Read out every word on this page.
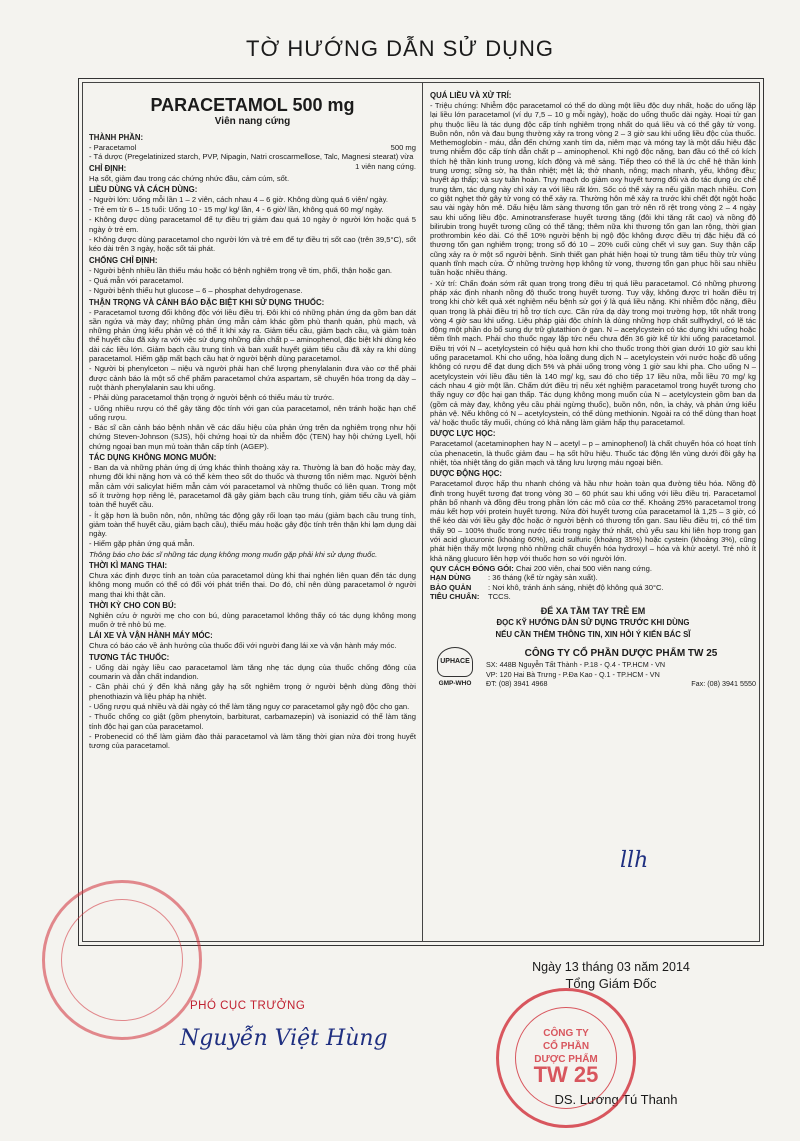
TỜ HƯỚNG DẪN SỬ DỤNG
PARACETAMOL 500 mg
Viên nang cứng
THÀNH PHẦN:
- Paracetamol	500 mg

- Tá dược (Pregelatinized starch, PVP, Nipagin, Natri croscarmellose, Talc, Magnesi stearat) vừa
1 viên nang cứng.

CHỈ ĐỊNH:

Hạ sốt, giảm đau trong các chứng nhức đầu, cảm cúm, sốt.

LIỀU DÙNG VÀ CÁCH DÙNG:

- Người lớn: Uống mỗi lần 1 – 2 viên, cách nhau 4 – 6 giờ. Không dùng quá 6 viên/ ngày.

- Trẻ em từ 6 – 15 tuổi: Uống 10 - 15 mg/ kg/ lần, 4 - 6 giờ/ lần, không quá 60 mg/ ngày.

- Không được dùng paracetamol để tự điều trị giảm đau quá 10 ngày ở người lớn hoặc quá 5 ngày ở trẻ em.

- Không được dùng paracetamol cho người lớn và trẻ em để tự điều trị sốt cao (trên 39,5°C), sốt kéo dài trên 3 ngày, hoặc sốt tái phát.

CHỐNG CHỈ ĐỊNH:

- Người bệnh nhiều lần thiếu máu hoặc có bệnh nghiêm trọng về tim, phổi, thận hoặc gan.

- Quá mẫn với paracetamol.

- Người bệnh thiếu hụt glucose – 6 – phosphat dehydrogenase.

THẬN TRỌNG VÀ CẢNH BÁO ĐẶC BIỆT KHI SỬ DỤNG THUỐC:

- Paracetamol tương đối không độc với liều điều trị. Đôi khi có những phản ứng da gồm ban dát sần ngứa và mày đay; những phản ứng mẫn cảm khác gồm phù thanh quản, phù mạch, và những phản ứng kiểu phản vệ có thể ít khi xảy ra. Giảm tiểu cầu, giảm bạch cầu, và giảm toàn thể huyết cầu đã xảy ra với việc sử dụng những dẫn chất p – aminophenol, đặc biệt khi dùng kéo dài các liều lớn. Giảm bạch cầu trung tính và ban xuất huyết giảm tiểu cầu đã xảy ra khi dùng paracetamol. Hiếm gặp mất bạch cầu hạt ở người bệnh dùng paracetamol.

- Người bị phenylceton – niệu và người phải hạn chế lượng phenylalanin đưa vào cơ thể phải được cảnh báo là một số chế phẩm paracetamol chứa aspartam, sẽ chuyển hóa trong dạ dày – ruột thành phenylalanin sau khi uống.

- Phải dùng paracetamol thận trọng ở người bệnh có thiếu máu từ trước.

- Uống nhiều rượu có thể gây tăng độc tính với gan của paracetamol, nên tránh hoặc hạn chế uống rượu.

- Bác sĩ cần cảnh báo bệnh nhân về các dấu hiệu của phản ứng trên da nghiêm trọng như hội chứng Steven-Johnson (SJS), hội chứng hoại tử da nhiễm độc (TEN) hay hội chứng Lyell, hội chứng ngoại ban mụn mủ toàn thân cấp tính (AGEP).

TÁC DỤNG KHÔNG MONG MUỐN:

- Ban da và những phản ứng dị ứng khác thỉnh thoảng xảy ra. Thường là ban đỏ hoặc mày đay, nhưng đôi khi nặng hơn và có thể kèm theo sốt do thuốc và thương tổn niêm mạc. Người bệnh mẫn cảm với salicylat hiếm mẫn cảm với paracetamol và những thuốc có liên quan. Trong một số ít trường hợp riêng lẻ, paracetamol đã gây giảm bạch cầu trung tính, giảm tiểu cầu và giảm toàn thể huyết cầu.

- Ít gặp hơn là buồn nôn, nôn, những tác động gây rối loạn tạo máu (giảm bạch cầu trung tính, giảm toàn thể huyết cầu, giảm bạch cầu), thiếu máu hoặc gây độc tính trên thận khi lạm dụng dài ngày.

- Hiếm gặp phản ứng quá mẫn.

Thông báo cho bác sĩ những tác dụng không mong muốn gặp phải khi sử dụng thuốc.

THỜI KÌ MANG THAI:

Chưa xác định được tính an toàn của paracetamol dùng khi thai nghén liên quan đến tác dụng không mong muốn có thể có đối với phát triển thai. Do đó, chỉ nên dùng paracetamol ở người mang thai khi thật cần.

THỜI KỲ CHO CON BÚ:

Nghiên cứu ở người mẹ cho con bú, dùng paracetamol không thấy có tác dụng không mong muốn ở trẻ nhỏ bú mẹ.

LÁI XE VÀ VẬN HÀNH MÁY MÓC:

Chưa có báo cáo về ảnh hưởng của thuốc đối với người đang lái xe và vận hành máy móc.

TƯƠNG TÁC THUỐC:

- Uống dài ngày liều cao paracetamol làm tăng nhẹ tác dụng của thuốc chống đông của coumarin và dẫn chất indandion.

- Cần phải chú ý đến khả năng gây hạ sốt nghiêm trọng ở người bệnh dùng đồng thời phenothiazin và liệu pháp hạ nhiệt.

- Uống rượu quá nhiều và dài ngày có thể làm tăng nguy cơ paracetamol gây ngộ độc cho gan.

- Thuốc chống co giật (gồm phenytoin, barbiturat, carbamazepin) và isoniazid có thể làm tăng tính độc hại gan của paracetamol.

- Probenecid có thể làm giảm đào thải paracetamol và làm tăng thời gian nửa đời trong huyết tương của paracetamol.

QUÁ LIỀU VÀ XỬ TRÍ:

- Triệu chứng: Nhiễm độc paracetamol có thể do dùng một liều độc duy nhất, hoặc do uống lặp lại liều lớn paracetamol (ví dụ 7,5 – 10 g mỗi ngày), hoặc do uống thuốc dài ngày. Hoại tử gan phụ thuộc liều là tác dụng độc cấp tính nghiêm trọng nhất do quá liều và có thể gây tử vong. Buồn nôn, nôn và đau bụng thường xảy ra trong vòng 2 – 3 giờ sau khi uống liều độc của thuốc. Methemoglobin - máu, dẫn đến chứng xanh tím da, niêm mạc và móng tay là một dấu hiệu đặc trưng nhiễm độc cấp tính dẫn chất p – aminophenol. Khi ngộ độc nặng, ban đầu có thể có kích thích hệ thần kinh trung ương, kích động và mê sảng. Tiếp theo có thể là ức chế hệ thần kinh trung ương; sững sờ, hạ thân nhiệt; mệt lả; thở nhanh, nông; mạch nhanh, yếu, không đều; huyết áp thấp; và suy tuần hoàn. Trụy mạch do giảm oxy huyết tương đối và do tác dụng ức chế trung tâm, tác dụng này chỉ xảy ra với liều rất lớn. Sốc có thể xảy ra nếu giãn mạch nhiều. Cơn co giật nghẹt thở gây tử vong có thể xảy ra. Thường hôn mê xảy ra trước khi chết đột ngột hoặc sau vài ngày hôn mê. Dấu hiệu lâm sàng thương tổn gan trở nên rõ rệt trong vòng 2 – 4 ngày sau khi uống liều độc. Aminotransferase huyết tương tăng (đôi khi tăng rất cao) và nồng độ bilirubin trong huyết tương cũng có thể tăng; thêm nữa khi thương tổn gan lan rộng, thời gian prothrombin kéo dài. Có thể 10% người bệnh bị ngộ độc không được điều trị đặc hiệu đã có thương tổn gan nghiêm trọng; trong số đó 10 – 20% cuối cùng chết vì suy gan. Suy thận cấp cũng xảy ra ở một số người bệnh. Sinh thiết gan phát hiện hoại tử trung tâm tiểu thùy trừ vùng quanh tĩnh mạch cửa. Ở những trường hợp không tử vong, thương tổn gan phục hồi sau nhiều tuần hoặc nhiều tháng.

- Xử trí: Chẩn đoán sớm rất quan trọng trong điều trị quá liều paracetamol. Có những phương pháp xác định nhanh nồng độ thuốc trong huyết tương. Tuy vậy, không được trì hoãn điều trị trong khi chờ kết quả xét nghiệm nếu bệnh sử gợi ý là quá liều nặng. Khi nhiễm độc nặng, điều quan trọng là phải điều trị hỗ trợ tích cực. Cần rửa dạ dày trong mọi trường hợp, tốt nhất trong vòng 4 giờ sau khi uống. Liệu pháp giải độc chính là dùng những hợp chất sulfhydryl, có lẽ tác động một phần do bổ sung dự trữ glutathion ở gan. N – acetylcystein có tác dụng khi uống hoặc tiêm tĩnh mạch. Phải cho thuốc ngay lập tức nếu chưa đến 36 giờ kể từ khi uống paracetamol. Điều trị với N – acetylcystein có hiệu quả hơn khi cho thuốc trong thời gian dưới 10 giờ sau khi uống paracetamol. Khi cho uống, hòa loãng dung dịch N – acetylcystein với nước hoặc đồ uống không có rượu để đạt dung dịch 5% và phải uống trong vòng 1 giờ sau khi pha. Cho uống N – acetylcystein với liều đầu tiên là 140 mg/ kg, sau đó cho tiếp 17 liều nữa, mỗi liều 70 mg/ kg cách nhau 4 giờ một lần. Chấm dứt điều trị nếu xét nghiệm paracetamol trong huyết tương cho thấy nguy cơ độc hại gan thấp. Tác dụng không mong muốn của N – acetylcystein gồm ban da (gồm cả mày đay, không yêu cầu phải ngừng thuốc), buồn nôn, nôn, ỉa chảy, và phản ứng kiểu phản vệ. Nếu không có N – acetylcystein, có thể dùng methionin. Ngoài ra có thể dùng than hoạt và/ hoặc thuốc tẩy muối, chúng có khả năng làm giảm hấp thụ paracetamol.

DƯỢC LỰC HỌC:

Paracetamol (acetaminophen hay N – acetyl – p – aminophenol) là chất chuyển hóa có hoạt tính của phenacetin, là thuốc giảm đau – hạ sốt hữu hiệu. Thuốc tác động lên vùng dưới đồi gây hạ nhiệt, tỏa nhiệt tăng do giãn mạch và tăng lưu lượng máu ngoại biên.

DƯỢC ĐỘNG HỌC:

Paracetamol được hấp thu nhanh chóng và hầu như hoàn toàn qua đường tiêu hóa. Nồng độ đỉnh trong huyết tương đạt trong vòng 30 – 60 phút sau khi uống với liều điều trị. Paracetamol phân bố nhanh và đồng đều trong phần lớn các mô của cơ thể. Khoảng 25% paracetamol trong máu kết hợp với protein huyết tương. Nửa đời huyết tương của paracetamol là 1,25 – 3 giờ, có thể kéo dài với liều gây độc hoặc ở người bệnh có thương tổn gan. Sau liều điều trị, có thể tìm thấy 90 – 100% thuốc trong nước tiểu trong ngày thứ nhất, chủ yếu sau khi liên hợp trong gan với acid glucuronic (khoảng 60%), acid sulfuric (khoảng 35%) hoặc cystein (khoảng 3%), cũng phát hiện thấy một lượng nhỏ những chất chuyển hóa hydroxyl – hóa và khử acetyl. Trẻ nhỏ ít khả năng glucuro liên hợp với thuốc hơn so với người lớn.

QUY CÁCH ĐÓNG GÓI: Chai 200 viên, chai 500 viên nang cứng.
HẠN DÙNG	: 36 tháng (kể từ ngày sản xuất).
BẢO QUẢN	: Nơi khô, tránh ánh sáng, nhiệt độ không quá 30°C.
TIÊU CHUẨN:	TCCS.
ĐỂ XA TẦM TAY TRẺ EM
ĐỌC KỸ HƯỚNG DẪN SỬ DỤNG TRƯỚC KHI DÙNG
NẾU CẦN THÊM THÔNG TIN, XIN HỎI Ý KIẾN BÁC SĨ
UPHACE
GMP-WHO
CÔNG TY CỔ PHẦN DƯỢC PHẨM TW 25
SX: 448B Nguyễn Tất Thành - P.18 - Q.4 - TP.HCM - VN
VP: 120 Hai Bà Trưng - P.Đa Kao - Q.1 - TP.HCM - VN
ĐT: (08) 3941 4968	Fax: (08) 3941 5550
llh
PHÓ CỤC TRƯỞNG
Nguyễn Việt Hùng
Ngày 13 tháng 03 năm 2014
Tổng Giám Đốc
DS. Lương Tú Thanh
CÔNG TY
CỔ PHẦN
DƯỢC PHẨM
TW 25
